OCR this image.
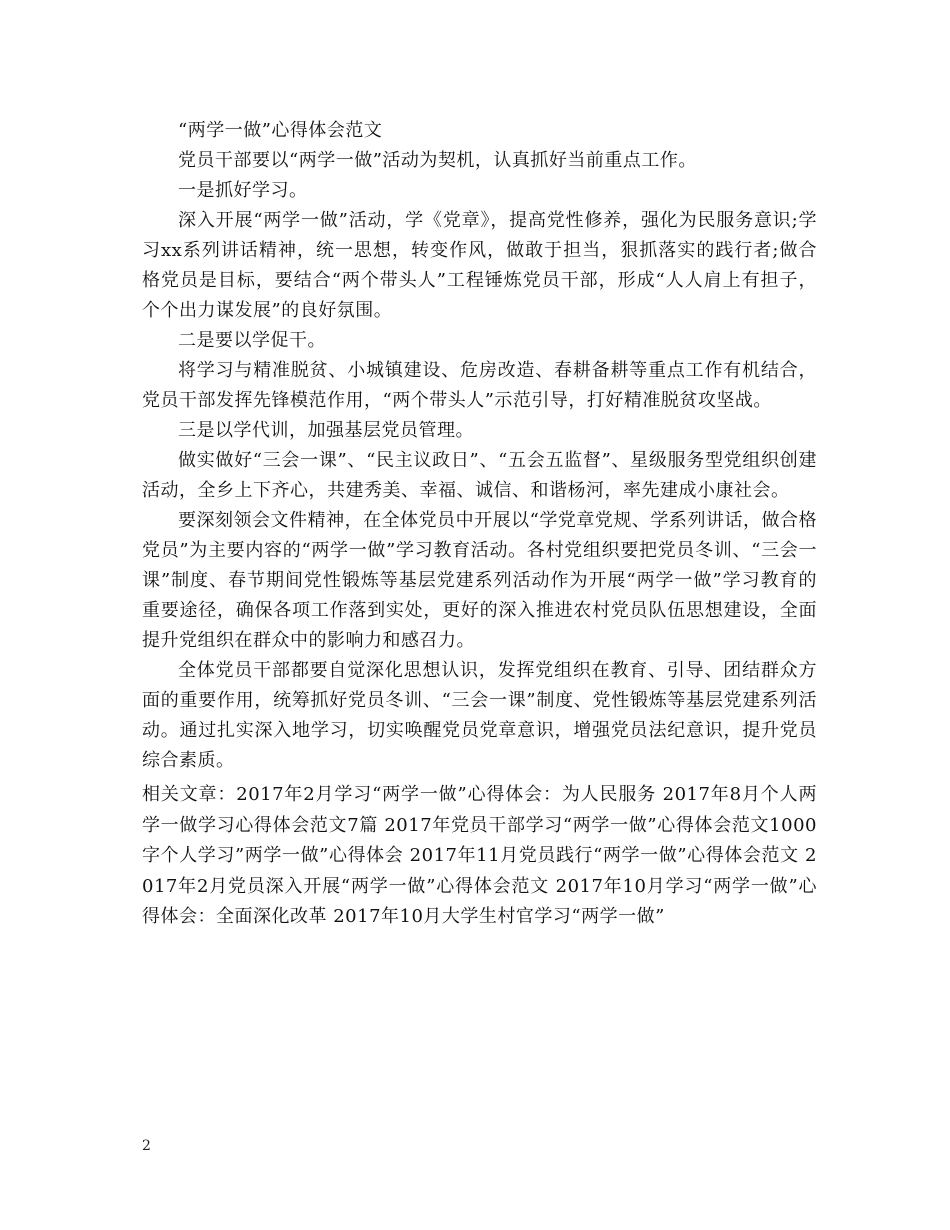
“两学一做”心得体会范文

党员干部要以“两学一做”活动为契机，认真抓好当前重点工作。

一是抓好学习。

深入开展“两学一做”活动，学《党章》，提高党性修养，强化为民服务意识;学习xx系列讲话精神，统一思想，转变作风，做敢于担当，狠抓落实的践行者;做合格党员是目标，要结合“两个带头人”工程锤炼党员干部，形成“人人肩上有担子，个个出力谋发展”的良好氛围。

二是要以学促干。

将学习与精准脱贫、小城镇建设、危房改造、春耕备耕等重点工作有机结合，党员干部发挥先锋模范作用，“两个带头人”示范引导，打好精准脱贫攻坚战。

三是以学代训，加强基层党员管理。

做实做好“三会一课”、“民主议政日”、“五会五监督”、星级服务型党组织创建活动，全乡上下齐心，共建秀美、幸福、诚信、和谐杨河，率先建成小康社会。

要深刻领会文件精神，在全体党员中开展以“学党章党规、学系列讲话，做合格党员”为主要内容的“两学一做”学习教育活动。各村党组织要把党员冬训、“三会一课”制度、春节期间党性锻炼等基层党建系列活动作为开展“两学一做”学习教育的重要途径，确保各项工作落到实处，更好的深入推进农村党员队伍思想建设，全面提升党组织在群众中的影响力和感召力。

全体党员干部都要自觉深化思想认识，发挥党组织在教育、引导、团结群众方面的重要作用，统筹抓好党员冬训、“三会一课”制度、党性锻炼等基层党建系列活动。通过扎实深入地学习，切实唤醒党员党章意识，增强党员法纪意识，提升党员综合素质。

相关文章：2017年2月学习“两学一做”心得体会：为人民服务 2017年8月个人两学一做学习心得体会范文7篇 2017年党员干部学习“两学一做”心得体会范文1000字个人学习”两学一做”心得体会 2017年11月党员践行“两学一做”心得体会范文 2017年2月党员深入开展“两学一做”心得体会范文 2017年10月学习“两学一做”心得体会：全面深化改革 2017年10月大学生村官学习“两学一做”

2
